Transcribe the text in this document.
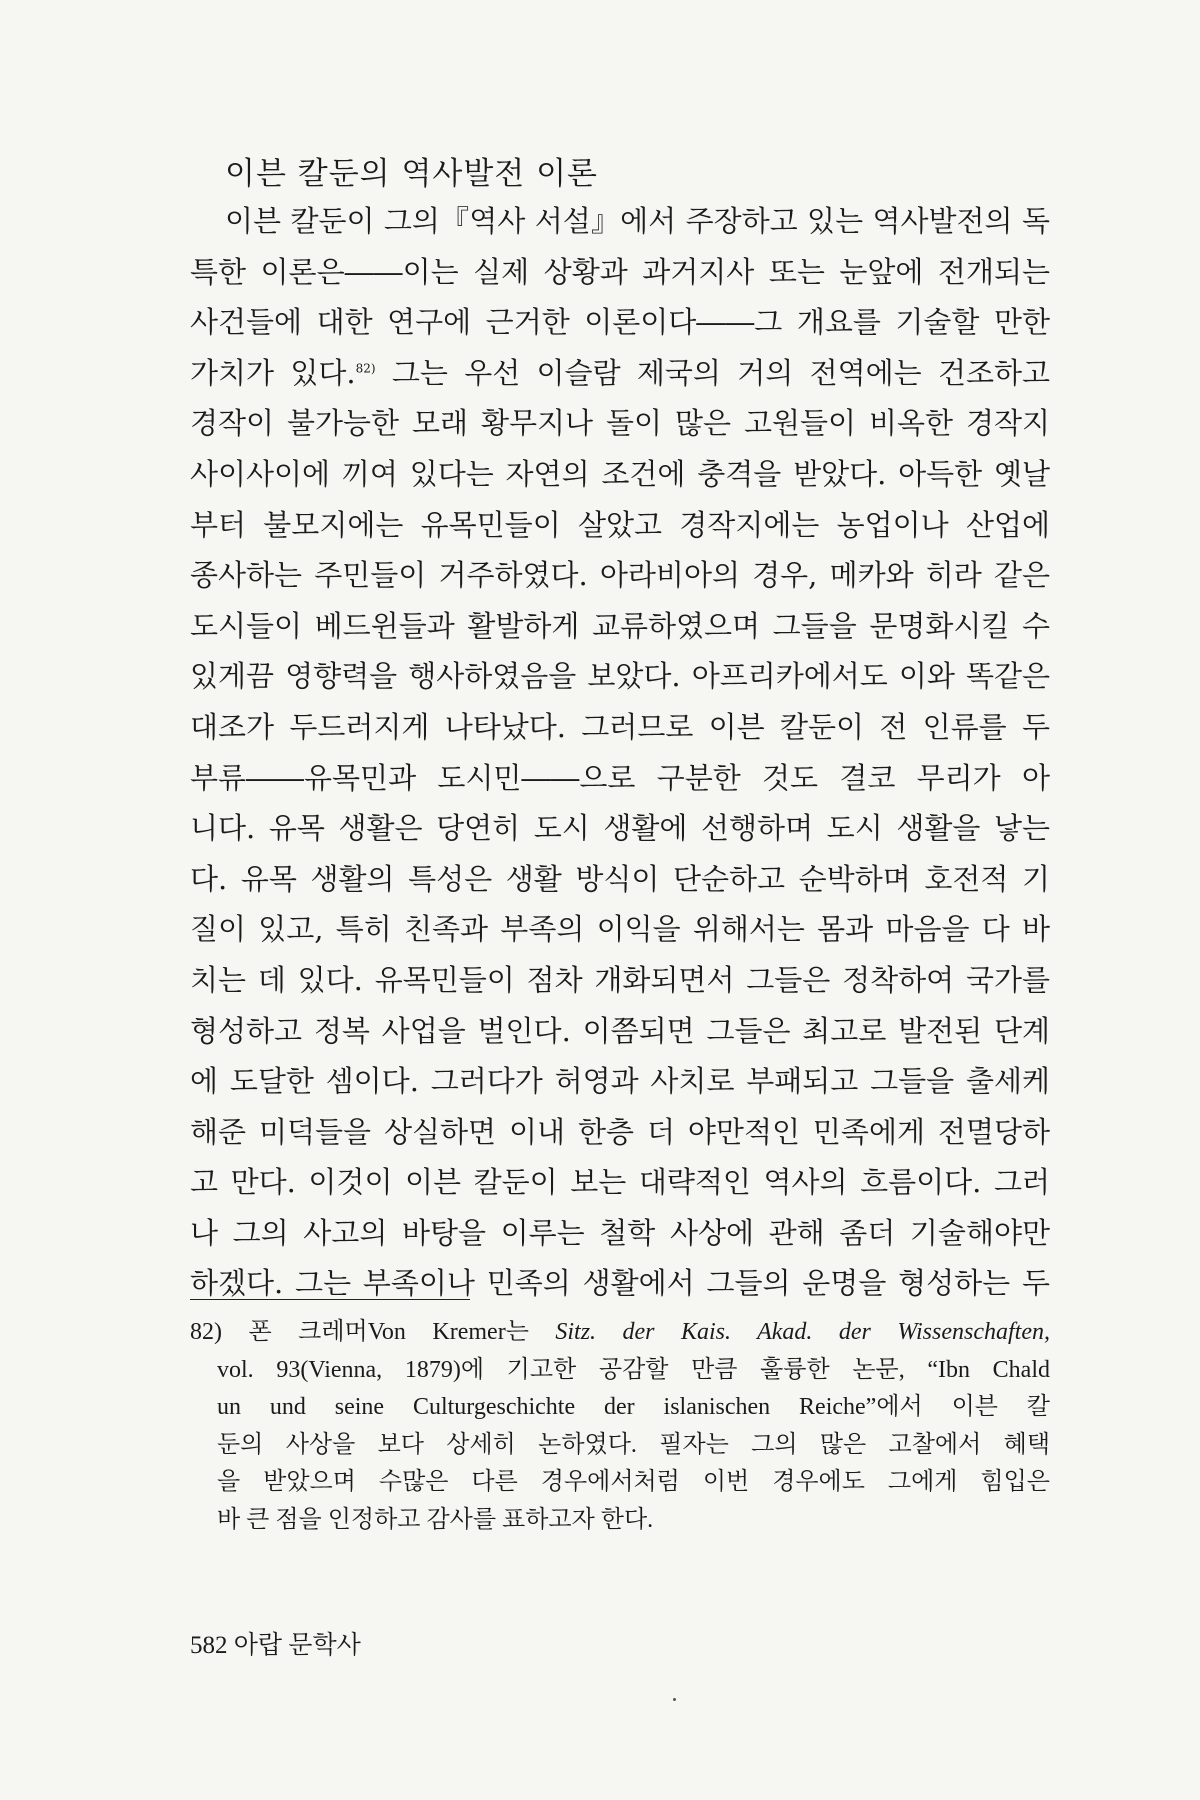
이븐 칼둔의 역사발전 이론
이븐 칼둔이 그의『역사 서설』에서 주장하고 있는 역사발전의 독
특한 이론은――이는 실제 상황과 과거지사 또는 눈앞에 전개되는
사건들에 대한 연구에 근거한 이론이다――그 개요를 기술할 만한
가치가 있다.$^{82)}$ 그는 우선 이슬람 제국의 거의 전역에는 건조하고
경작이 불가능한 모래 황무지나 돌이 많은 고원들이 비옥한 경작지
사이사이에 끼여 있다는 자연의 조건에 충격을 받았다. 아득한 옛날
부터 불모지에는 유목민들이 살았고 경작지에는 농업이나 산업에
종사하는 주민들이 거주하였다. 아라비아의 경우, 메카와 히라 같은
도시들이 베드윈들과 활발하게 교류하였으며 그들을 문명화시킬 수
있게끔 영향력을 행사하였음을 보았다. 아프리카에서도 이와 똑같은
대조가 두드러지게 나타났다. 그러므로 이븐 칼둔이 전 인류를 두
부류――유목민과 도시민――으로 구분한 것도 결코 무리가 아
니다. 유목 생활은 당연히 도시 생활에 선행하며 도시 생활을 낳는
다. 유목 생활의 특성은 생활 방식이 단순하고 순박하며 호전적 기
질이 있고, 특히 친족과 부족의 이익을 위해서는 몸과 마음을 다 바
치는 데 있다. 유목민들이 점차 개화되면서 그들은 정착하여 국가를
형성하고 정복 사업을 벌인다. 이쯤되면 그들은 최고로 발전된 단계
에 도달한 셈이다. 그러다가 허영과 사치로 부패되고 그들을 출세케
해준 미덕들을 상실하면 이내 한층 더 야만적인 민족에게 전멸당하
고 만다. 이것이 이븐 칼둔이 보는 대략적인 역사의 흐름이다. 그러
나 그의 사고의 바탕을 이루는 철학 사상에 관해 좀더 기술해야만
하겠다. 그는 부족이나 민족의 생활에서 그들의 운명을 형성하는 두
82) 폰 크레머Von Kremer는 Sitz. der Kais. Akad. der Wissenschaften,
vol. 93(Vienna, 1879)에 기고한 공감할 만큼 훌륭한 논문, “Ibn Chald
un und seine Culturgeschichte der islanischen Reiche”에서 이븐 칼
둔의 사상을 보다 상세히 논하였다. 필자는 그의 많은 고찰에서 혜택
을 받았으며 수많은 다른 경우에서처럼 이번 경우에도 그에게 힘입은
바 큰 점을 인정하고 감사를 표하고자 한다.
582 아랍 문학사
